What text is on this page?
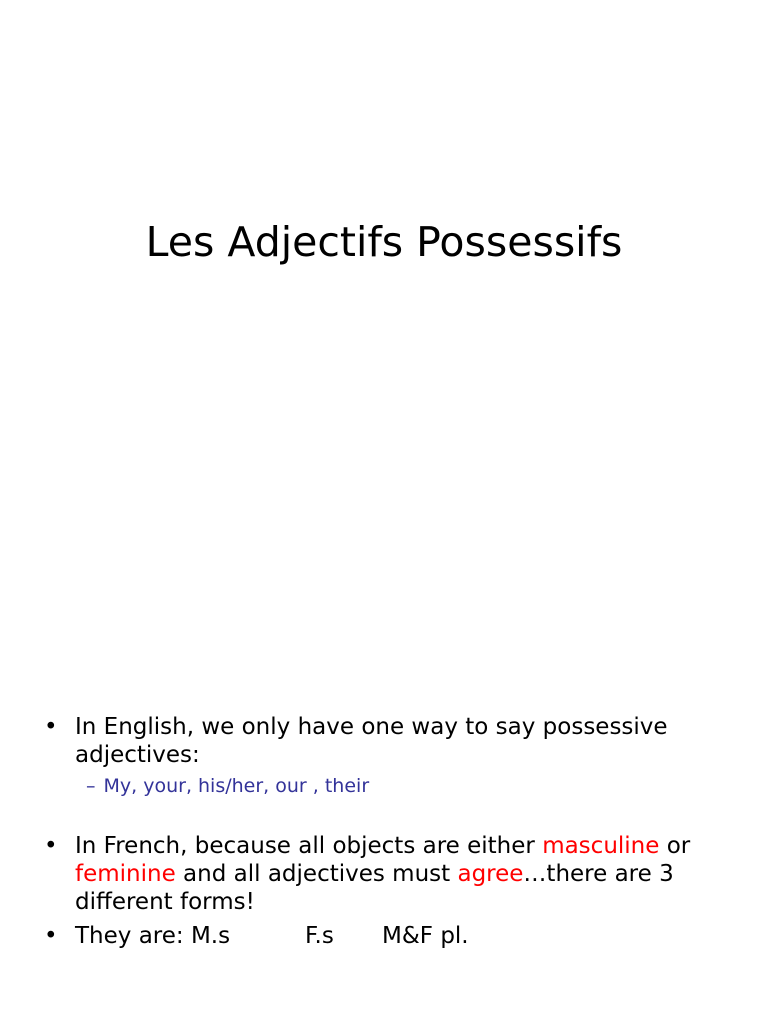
Les Adjectifs Possessifs
• In English, we only have one way to say possessive
adjectives:
– My, your, his/her, our , their
• In French, because all objects are either masculine or
feminine and all adjectives must agree…there are 3
different forms!
• They are: M.s	F.s M&F pl.
